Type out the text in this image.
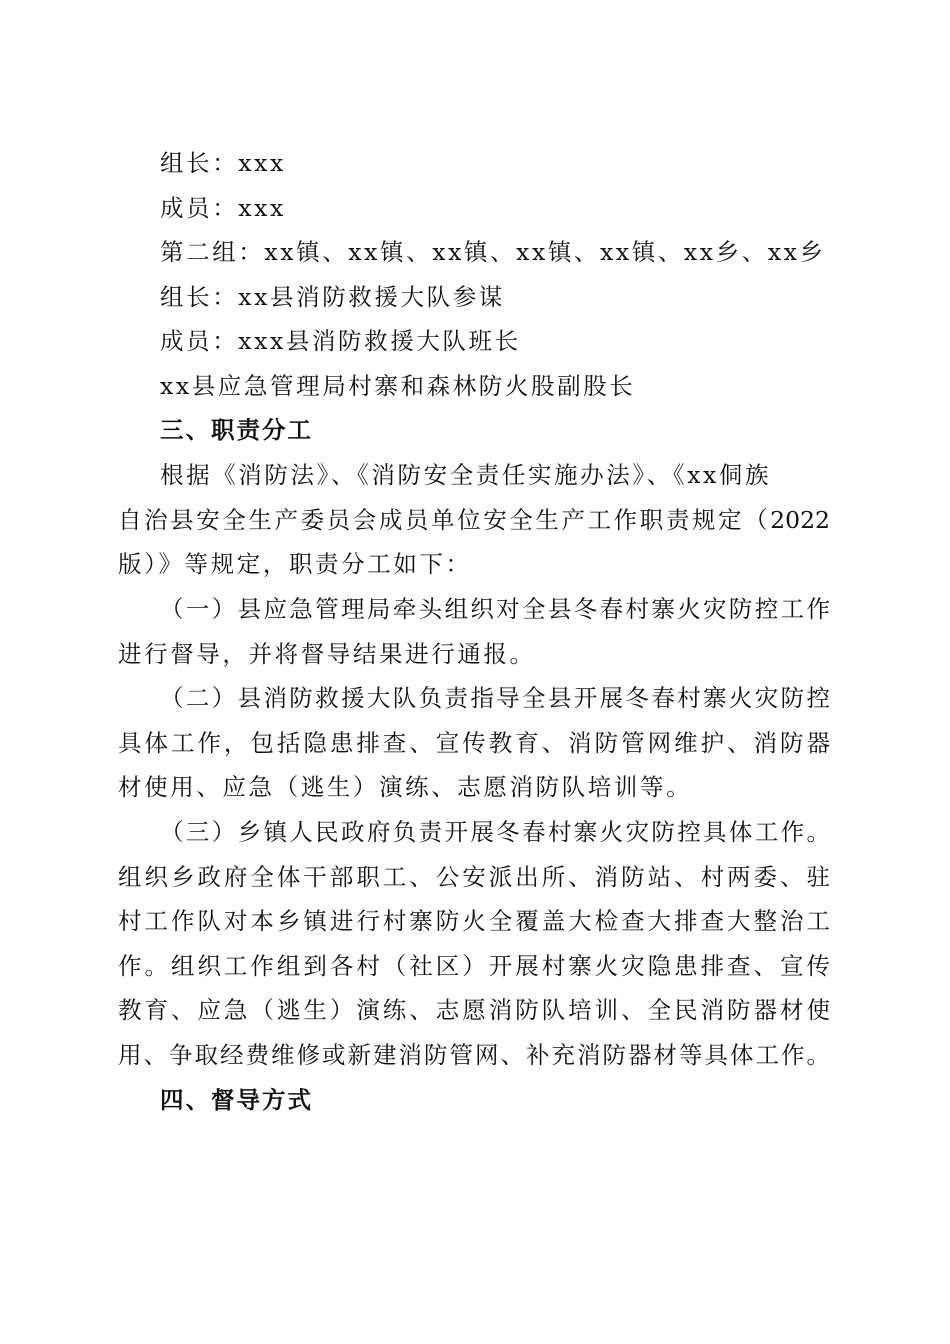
组长：xxx
成员：xxx
第二组：xx镇、xx镇、xx镇、xx镇、xx镇、xx乡、xx乡
组长：xx县消防救援大队参谋
成员：xxx县消防救援大队班长
xx县应急管理局村寨和森林防火股副股长
三、职责分工
根据《消防法》、《消防安全责任实施办法》、《xx侗族
自治县安全生产委员会成员单位安全生产工作职责规定（2022
版）》等规定，职责分工如下：
（一）县应急管理局牵头组织对全县冬春村寨火灾防控工作
进行督导，并将督导结果进行通报。
（二）县消防救援大队负责指导全县开展冬春村寨火灾防控
具体工作，包括隐患排查、宣传教育、消防管网维护、消防器
材使用、应急（逃生）演练、志愿消防队培训等。
（三）乡镇人民政府负责开展冬春村寨火灾防控具体工作。
组织乡政府全体干部职工、公安派出所、消防站、村两委、驻
村工作队对本乡镇进行村寨防火全覆盖大检查大排查大整治工
作。组织工作组到各村（社区）开展村寨火灾隐患排查、宣传
教育、应急（逃生）演练、志愿消防队培训、全民消防器材使
用、争取经费维修或新建消防管网、补充消防器材等具体工作。
四、督导方式
